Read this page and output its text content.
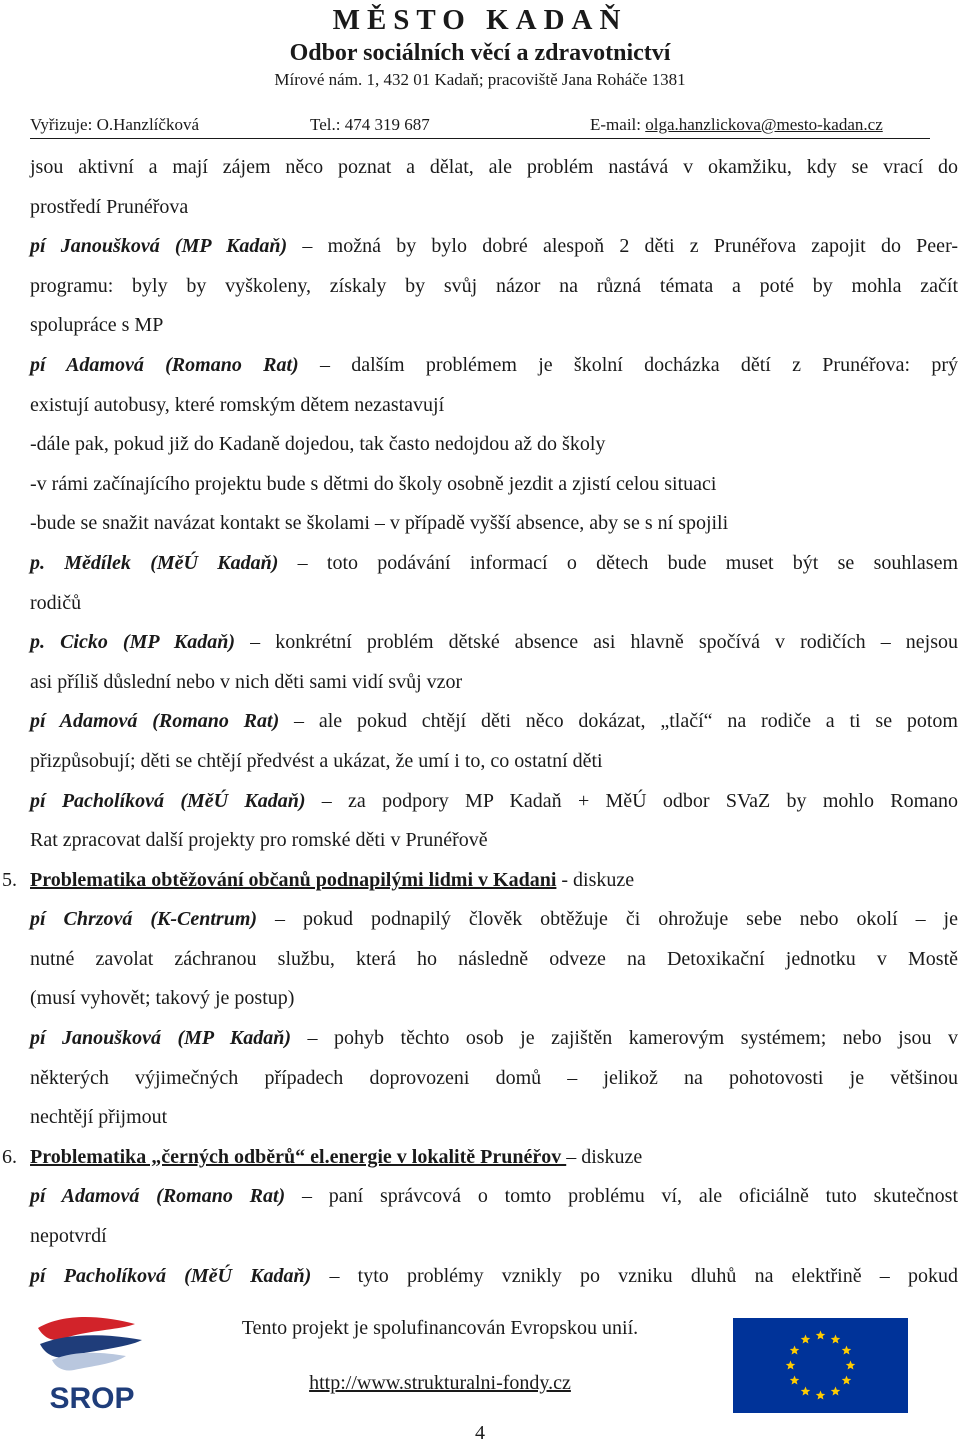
MĚSTO KADAŇ
Odbor sociálních věcí a zdravotnictví
Mírové nám. 1, 432 01 Kadaň; pracoviště Jana Roháče 1381
Vyřizuje: O.Hanzlíčková	Tel.: 474 319 687	E-mail: olga.hanzlickova@mesto-kadan.cz
jsou aktivní a mají zájem něco poznat a dělat, ale problém nastává v okamžiku, kdy se vrací do
prostředí Prunéřova
pí Janoušková (MP Kadaň) – možná by bylo dobré alespoň 2 děti z Prunéřova zapojit do Peer-
programu: byly by vyškoleny, získaly by svůj názor na různá témata a poté by mohla začít
spolupráce s MP
pí Adamová (Romano Rat) – dalším problémem je školní docházka dětí z Prunéřova: prý
existují autobusy, které romským dětem nezastavují
-dále pak, pokud již do Kadaně dojedou, tak často nedojdou až do školy
-v rámi začínajícího projektu bude s dětmi do školy osobně jezdit a zjistí celou situaci
-bude se snažit navázat kontakt se školami – v případě vyšší absence, aby se s ní spojili
p. Mědílek (MěÚ Kadaň) – toto podávání informací o dětech bude muset být se souhlasem
rodičů
p. Cicko (MP Kadaň) – konkrétní problém dětské absence asi hlavně spočívá v rodičích – nejsou
asi příliš důslední nebo v nich děti sami vidí svůj vzor
pí Adamová (Romano Rat) – ale pokud chtějí děti něco dokázat, „tlačí“ na rodiče a ti se potom
přizpůsobují; děti se chtějí předvést a ukázat, že umí i to, co ostatní děti
pí Pacholíková (MěÚ Kadaň) – za podpory MP Kadaň + MěÚ odbor SVaZ by mohlo Romano
Rat zpracovat další projekty pro romské děti v Prunéřově
5. Problematika obtěžování občanů podnapilými lidmi v Kadani - diskuze
pí Chrzová (K-Centrum) – pokud podnapilý člověk obtěžuje či ohrožuje sebe nebo okolí – je
nutné zavolat záchranou službu, která ho následně odveze na Detoxikační jednotku v Mostě
(musí vyhovět; takový je postup)
pí Janoušková (MP Kadaň) – pohyb těchto osob je zajištěn kamerovým systémem; nebo jsou v
některých výjimečných případech doprovozeni domů – jelikož na pohotovosti je většinou
nechtějí přijmout
6. Problematika „černých odběrů“ el.energie v lokalitě Prunéřov – diskuze
pí Adamová (Romano Rat) – paní správcová o tomto problému ví, ale oficiálně tuto skutečnost
nepotvrdí
pí Pacholíková (MěÚ Kadaň) – tyto problémy vznikly po vzniku dluhů na elektřině – pokud
SROP
Tento projekt je spolufinancován Evropskou unií.
http://www.strukturalni-fondy.cz
4
